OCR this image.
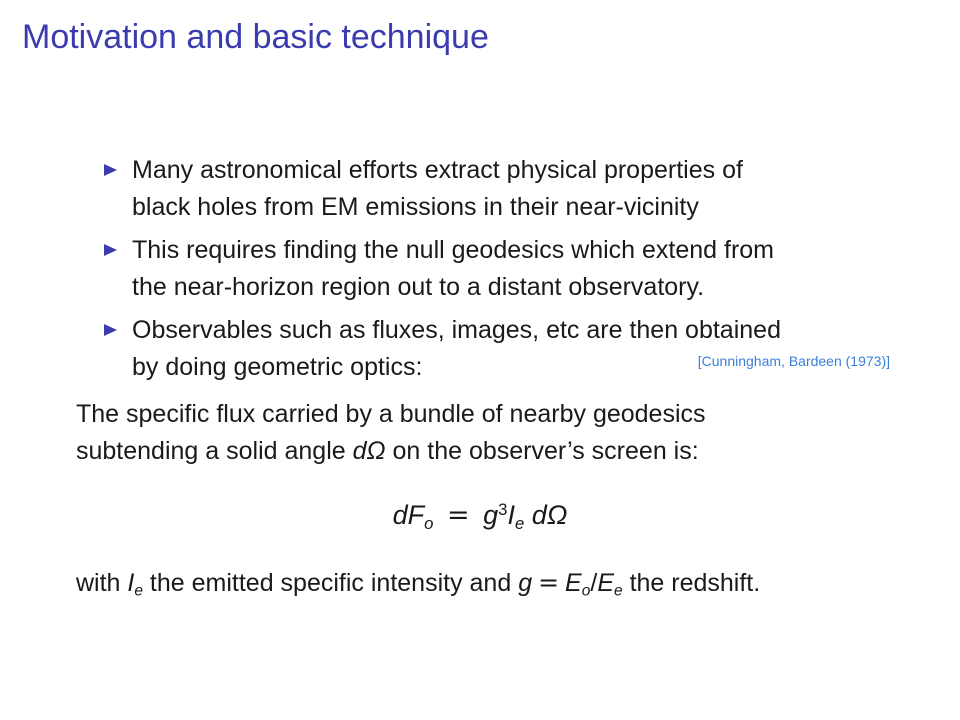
Motivation and basic technique
Many astronomical efforts extract physical properties of
black holes from EM emissions in their near-vicinity
This requires finding the null geodesics which extend from
the near-horizon region out to a distant observatory.
Observables such as fluxes, images, etc are then obtained
by doing geometric optics:	[Cunningham, Bardeen (1973)]
The specific flux carried by a bundle of nearby geodesics
subtending a solid angle dΩ on the observer’s screen is:
dFo = $g^3Ie$ dΩ
with Ie the emitted specific intensity and g = Eo/Ee the redshift.
